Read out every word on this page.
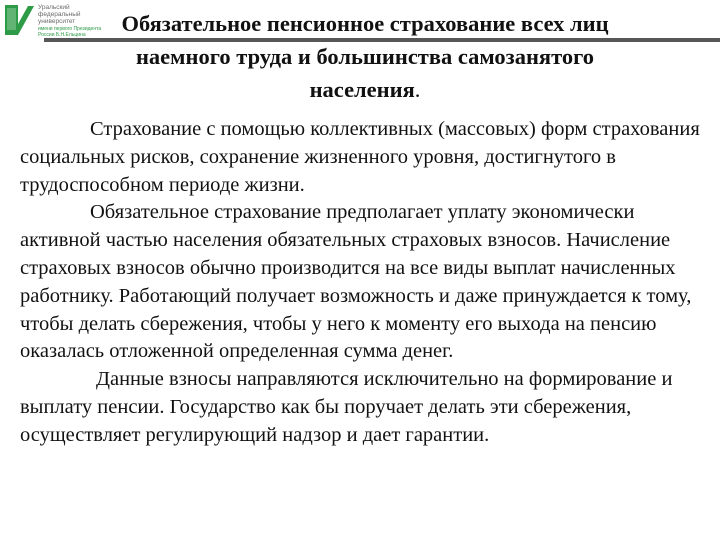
Уральский
федеральный
университет
имени первого Президента
России Б.Н.Ельцина	Обязательное пенсионное страхование всех лиц
наемного труда и большинства самозанятого
населения.

Страхование с помощью коллективных (массовых) форм страхования социальных рисков, сохранение жизненного уровня, достигнутого в трудоспособном периоде жизни.

Обязательное страхование предполагает уплату экономически активной частью населения обязательных страховых взносов. Начисление страховых взносов обычно производится на все виды выплат начисленных работнику. Работающий получает возможность и даже принуждается к тому, чтобы делать сбережения, чтобы у него к моменту его выхода на пенсию оказалась отложенной определенная сумма денег.

Данные взносы направляются исключительно на формирование и выплату пенсии. Государство как бы поручает делать эти сбережения, осуществляет регулирующий надзор и дает гарантии.
